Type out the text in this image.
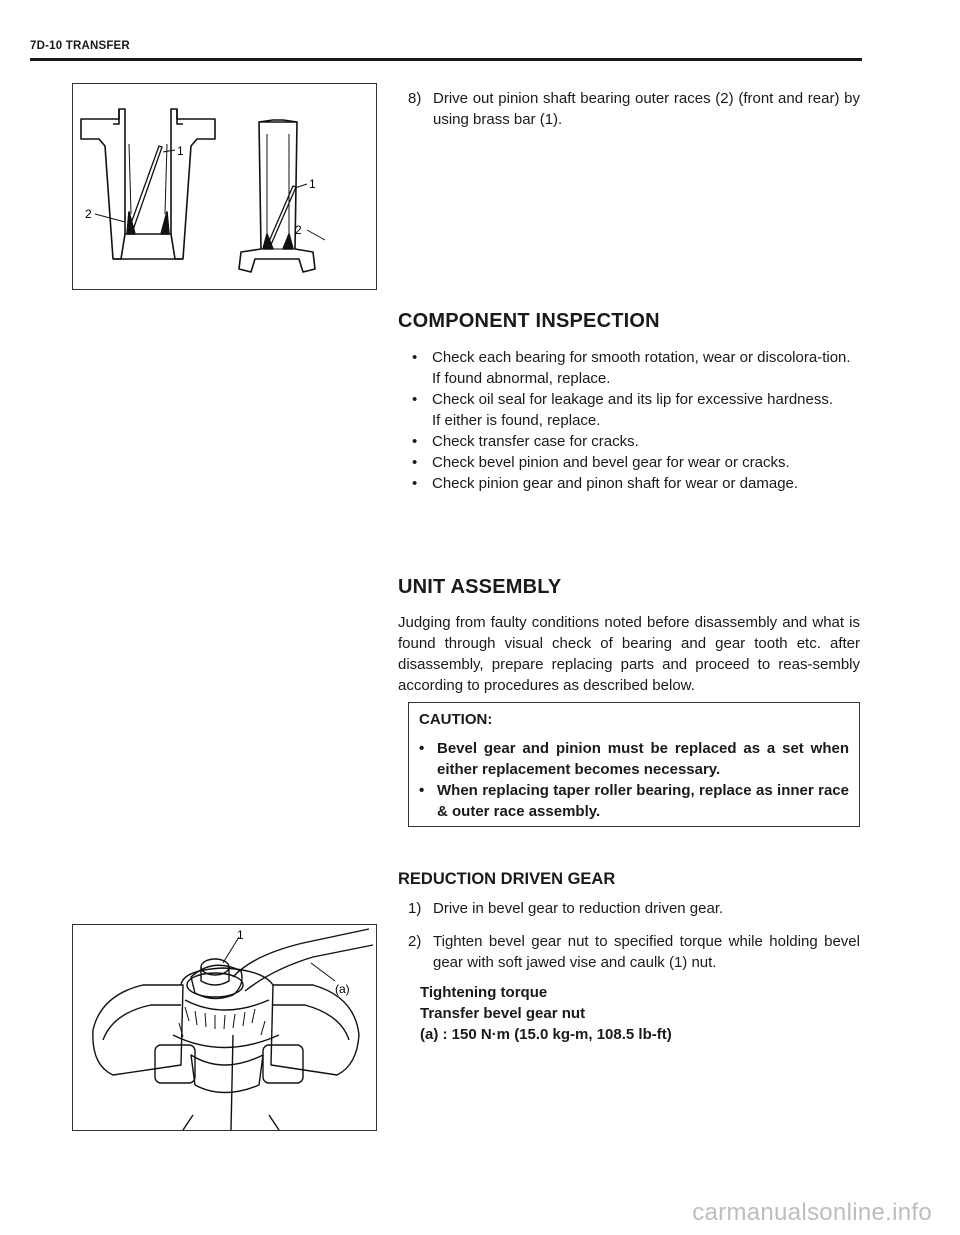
7D-10 TRANSFER
1
2
1
2
8) Drive out pinion shaft bearing outer races (2) (front and rear) by using brass bar (1).
COMPONENT INSPECTION
• Check each bearing for smooth rotation, wear or discolora-tion.
If found abnormal, replace.
• Check oil seal for leakage and its lip for excessive hardness.
If either is found, replace.
• Check transfer case for cracks.
• Check bevel pinion and bevel gear for wear or cracks.
• Check pinion gear and pinon shaft for wear or damage.
UNIT ASSEMBLY
Judging from faulty conditions noted before disassembly and what is found through visual check of bearing and gear tooth etc. after disassembly, prepare replacing parts and proceed to reas-sembly according to procedures as described below.
CAUTION:
• Bevel gear and pinion must be replaced as a set when either replacement becomes necessary.
• When replacing taper roller bearing, replace as inner race & outer race assembly.
REDUCTION DRIVEN GEAR
1) Drive in bevel gear to reduction driven gear.
2) Tighten bevel gear nut to specified torque while holding bevel gear with soft jawed vise and caulk (1) nut.
Tightening torque
Transfer bevel gear nut
(a) : 150 N·m (15.0 kg-m, 108.5 lb-ft)
1
(a)
carmanualsonline.info
